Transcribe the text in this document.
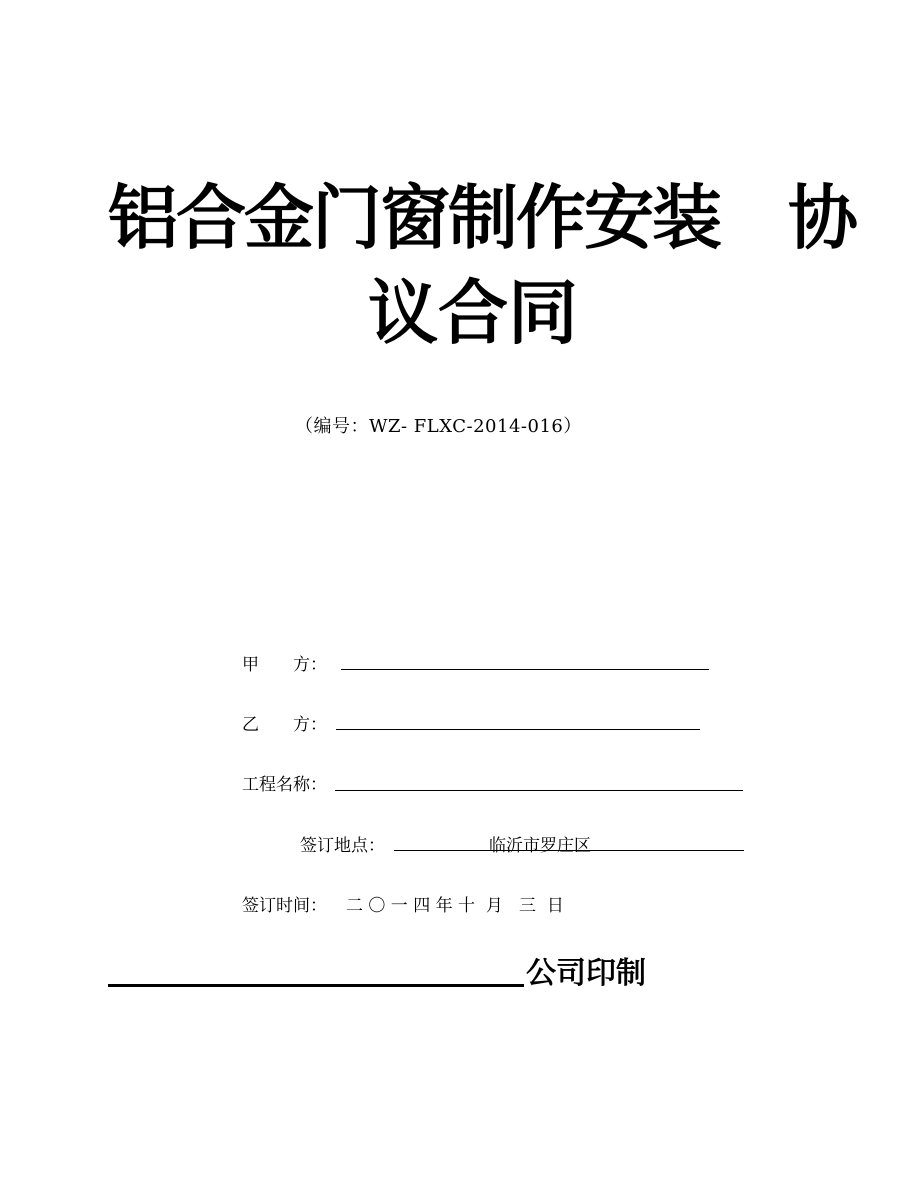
铝合金门窗制作安装　协
议合同
（编号：WZ- FLXC-2014-016）
甲　　方：
乙　　方：
工程名称：
签订地点：	临沂市罗庄区
签订时间： 二 〇 一 四 年 十  月   三  日
公司印制
